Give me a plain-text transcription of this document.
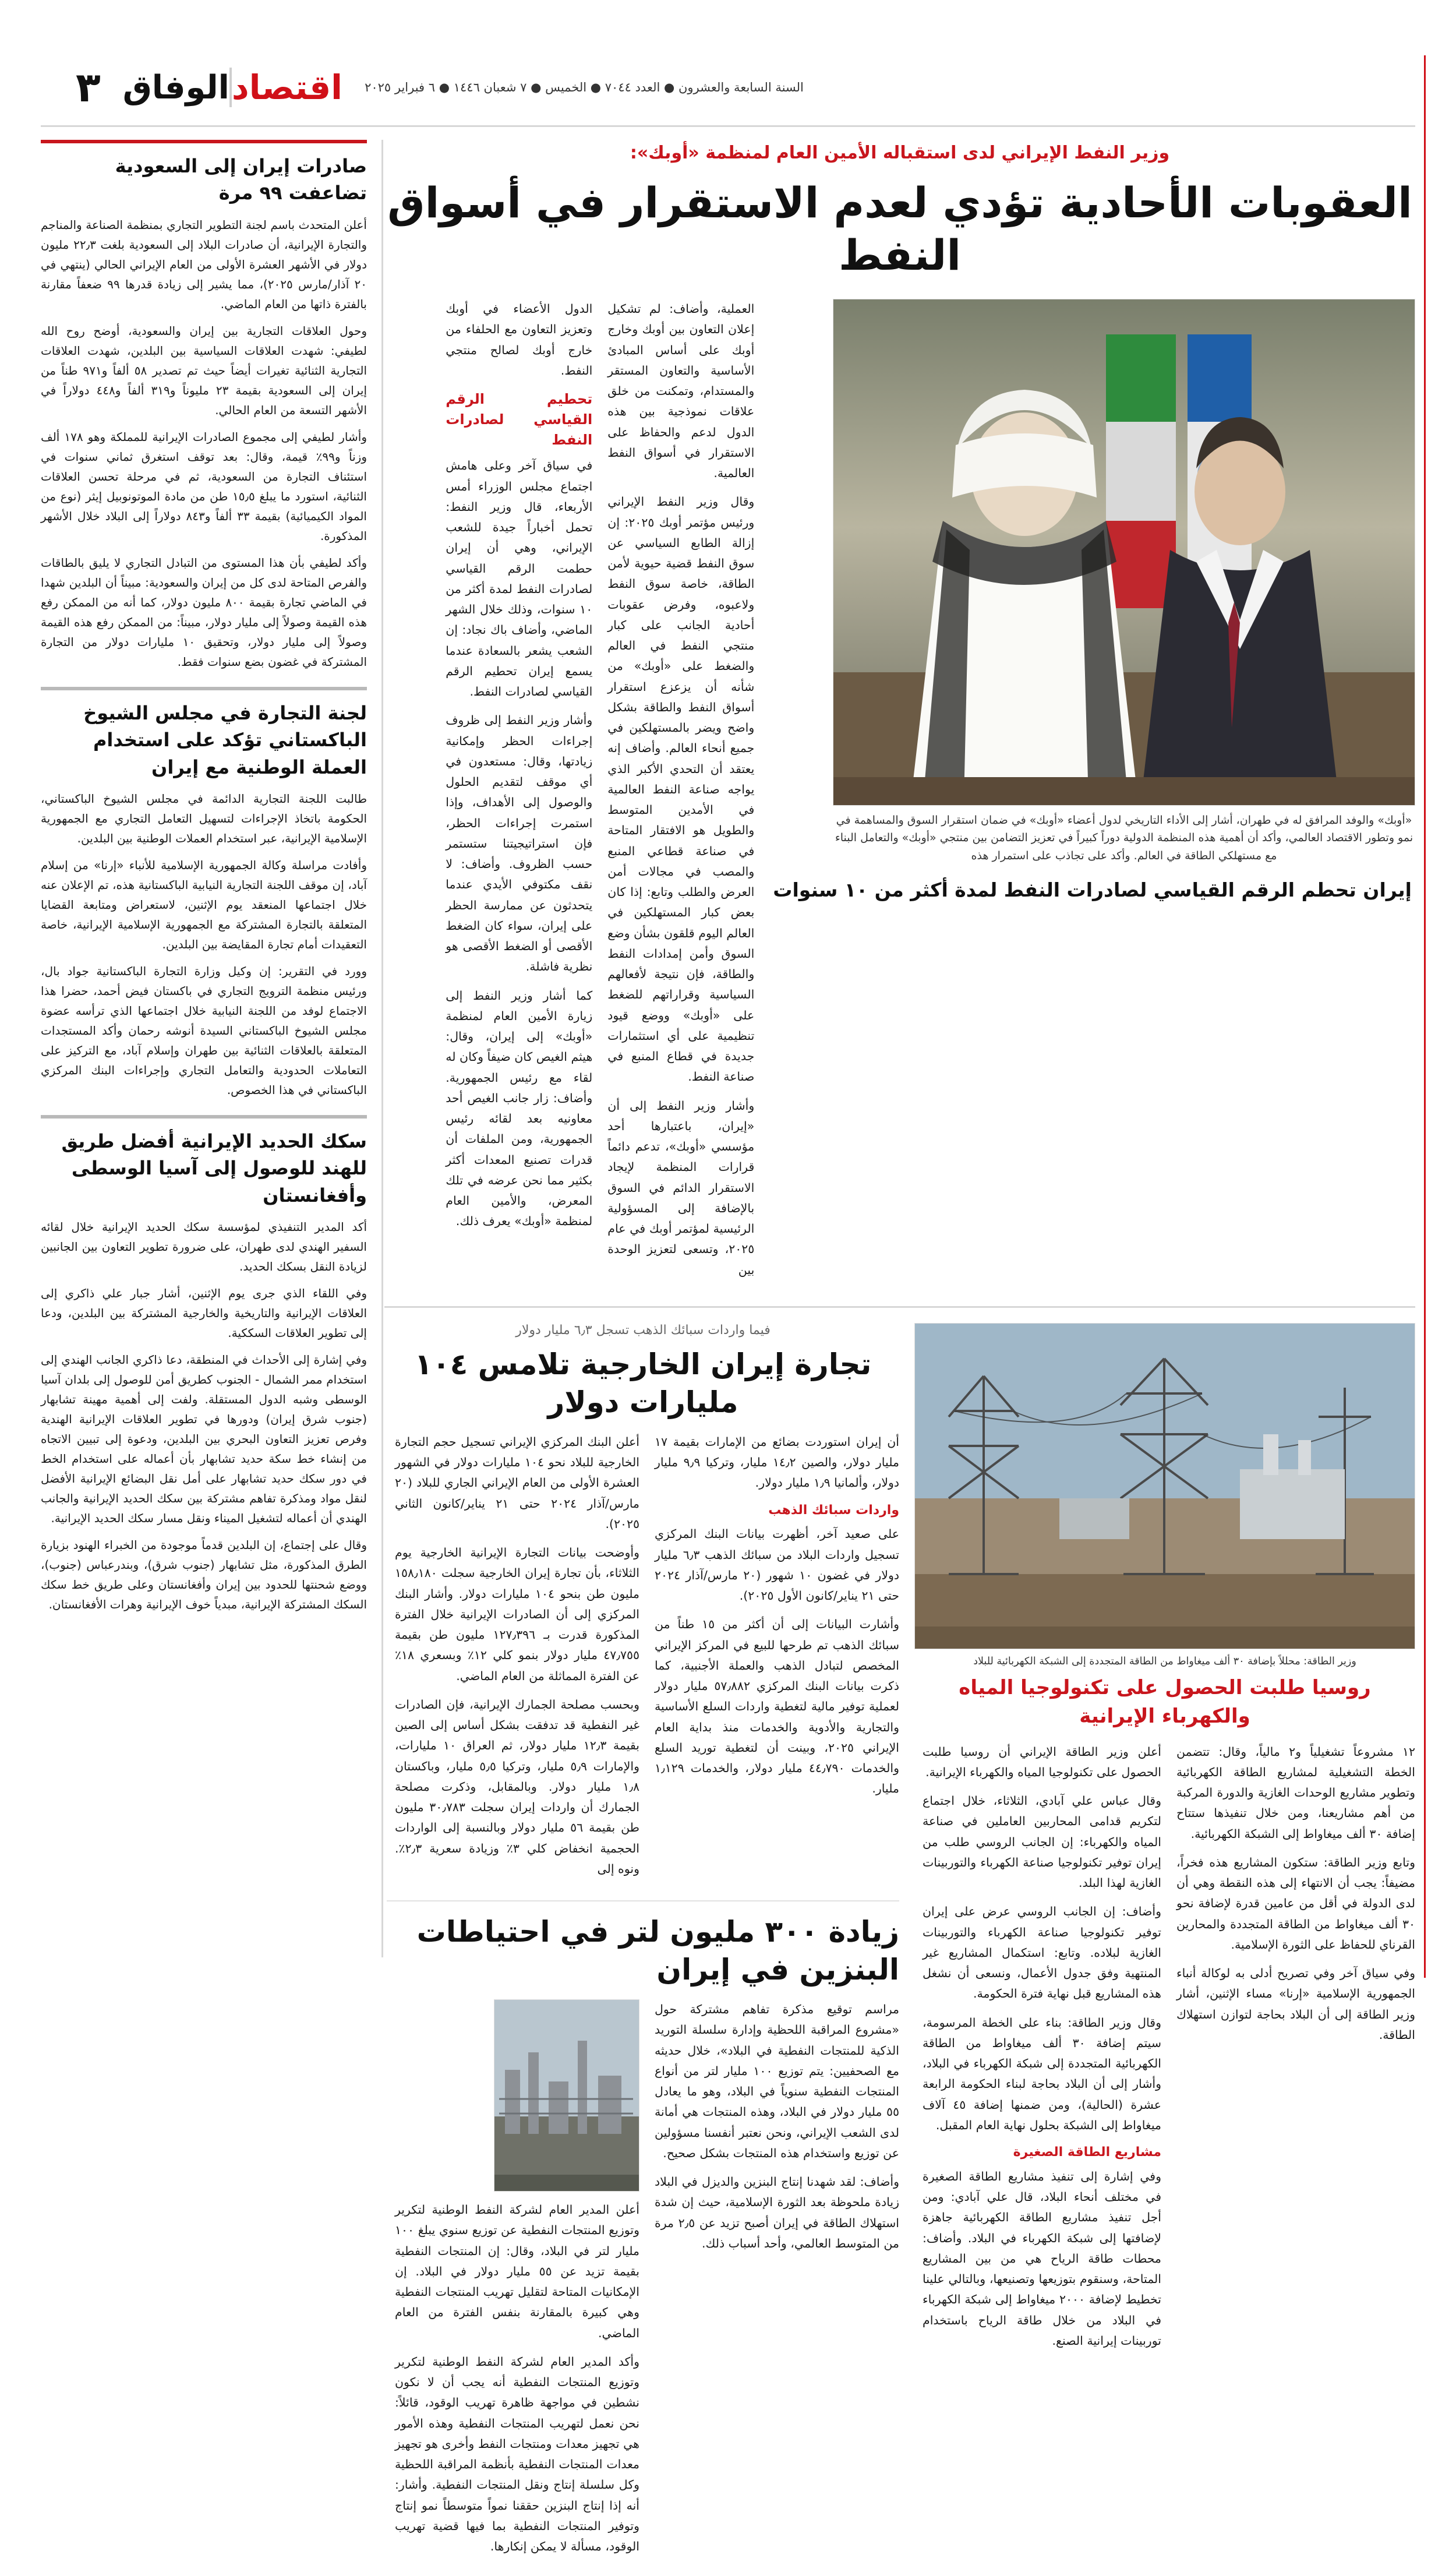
السنة السابعة والعشرون ● العدد ٧٠٤٤ ● الخميس ● ٧ شعبان ١٤٤٦ ● ٦ فبراير ٢٠٢٥
اقتصاد
الوفاق
٣
وزير النفط الإيراني لدى استقباله الأمين العام لمنظمة «أوبك»:
العقوبات الأحادية تؤدي لعدم الاستقرار في أسواق النفط
«أوبك» والوفد المرافق له في طهران، أشار إلى الأداء التاريخي لدول أعضاء «أوبك» في ضمان استقرار السوق والمساهمة في نمو وتطور الاقتصاد العالمي، وأكد أن أهمية هذه المنظمة الدولية دوراً كبيراً في تعزيز التضامن بين منتجي «أوبك» والتعامل البناء مع مستهلكي الطاقة في العالم. وأكد على تجاذب على استمرار هذه
إيران تحطم الرقم القياسي لصادرات النفط لمدة أكثر من ١٠ سنوات

العملية، وأضاف: لم تشكيل إعلان التعاون بين أوبك وخارج أوبك على أساس المبادئ الأساسية والتعاون المستقر والمستدام، وتمكنت من خلق علاقات نموذجية بين هذه الدول لدعم والحفاظ على الاستقرار في أسواق النفط العالمية.

وقال وزير النفط الإيراني ورئيس مؤتمر أوبك ٢٠٢٥: إن إزالة الطابع السياسي عن سوق النفط قضية حيوية لأمن الطاقة، خاصة سوق النفط ولاعبوه، وفرض عقوبات أحادية الجانب على كبار منتجي النفط في العالم والضغط على «أوبك» من شأنه أن يزعزع استقرار أسواق النفط والطاقة بشكل واضح ويضر بالمستهلكين في جميع أنحاء العالم. وأضاف إنه يعتقد أن التحدي الأكبر الذي يواجه صناعة النفط العالمية في الأمدين المتوسط والطويل هو الافتقار المتاحة في صناعة قطاعي المنبع والمصب في مجالات أمن العرض والطلب وتابع: إذا كان بعض كبار المستهلكين في العالم اليوم قلقون بشأن وضع السوق وأمن إمدادات النفط والطاقة، فإن نتيجة لأفعالهم السياسية وقراراتهم للضغط على «أوبك» ووضع قيود تنظيمية على أي استثمارات جديدة في قطاع المنبع في صناعة النفط.

وأشار وزير النفط إلى أن «إيران، باعتبارها أحد مؤسسي «أوبك»، تدعم دائماً قرارات المنظمة لإيجاد الاستقرار الدائم في السوق بالإضافة إلى المسؤولية الرئيسية لمؤتمر أوبك في عام ٢٠٢٥، وتسعى لتعزيز الوحدة بين

الدول الأعضاء في أوبك وتعزيز التعاون مع الحلفاء من خارج أوبك لصالح منتجي النفط.

تحطيم الرقم القياسي لصادرات النفط

في سياق آخر وعلى هامش اجتماع مجلس الوزراء أمس الأربعاء، قال وزير النفط: تحمل أخباراً جيدة للشعب الإيراني، وهي أن إيران حطمت الرقم القياسي لصادرات النفط لمدة أكثر من ١٠ سنوات، وذلك خلال الشهر الماضي، وأضاف باك نجاد: إن الشعب يشعر بالسعادة عندما يسمع إيران تحطيم الرقم القياسي لصادرات النفط.

وأشار وزير النفط إلى ظروف إجراءات الحظر وإمكانية زيادتها، وقال: مستعدون في أي موقف لتقديم الحلول والوصول إلى الأهداف، وإذا استمرت إجراءات الحظر، فإن استراتيجيتنا ستستمر حسب الظروف. وأضاف: لا نقف مكتوفي الأيدي عندما يتحدثون عن ممارسة الحظر على إيران، سواء كان الضغط الأقصى أو الضغط الأقصى هو نظرية فاشلة.

كما أشار وزير النفط إلى زيارة الأمين العام لمنظمة «أوبك» إلى إيران، وقال: هيثم الغيص كان ضيفاً وكان له لقاء مع رئيس الجمهورية. وأضاف: زار جانب الغيص أحد معاونيه بعد لقائه رئيس الجمهورية، ومن الملفات أن قدرات تصنيع المعدات أكثر بكثير مما نحن عرضه في تلك المعرض، والأمين العام لمنظمة «أوبك» يعرف ذلك.

وزير الطاقة: محللاً بإضافة ٣٠ ألف ميغاواط من الطاقة المتجددة إلى الشبكة الكهربائية للبلاد
روسيا طلبت الحصول على تكنولوجيا المياه والكهرباء الإيرانية

١٢ مشروعاً تشغيلياً و٢ مالياً، وقال: تتضمن الخطة التشغيلية لمشاريع الطاقة الكهربائية وتطوير مشاريع الوحدات الغازية والدورة المركبة من أهم مشاريعنا، ومن خلال تنفيذها ستتاح إضافة ٣٠ ألف ميغاواط إلى الشبكة الكهربائية.

وتابع وزير الطاقة: ستكون المشاريع هذه فخراً، مضيفاً: يجب أن الانتهاء إلى هذه النقطة وهي أن لدى الدولة في أقل من عامين قدرة لإضافة نحو ٣٠ ألف ميغاواط من الطاقة المتجددة والمحارين القرناي للحفاظ على الثورة الإسلامية.

وفي سياق آخر وفي تصريح أدلى به لوكالة أنباء الجمهورية الإسلامية «إرنا» مساء الإثنين، أشار وزير الطاقة إلى أن البلاد بحاجة لتوازن استهلاك الطاقة.

أعلن وزير الطاقة الإيراني أن روسيا طلبت الحصول على تكنولوجيا المياه والكهرباء الإيرانية.

وقال عباس علي آبادي، الثلاثاء، خلال اجتماع لتكريم قدامى المحاربين العاملين في صناعة المياه والكهرباء: إن الجانب الروسي طلب من إيران توفير تكنولوجيا صناعة الكهرباء والتوربينات الغازية لهذا البلد.

وأضاف: إن الجانب الروسي عرض على إيران توفير تكنولوجيا صناعة الكهرباء والتوربينات الغازية لبلاده. وتابع: استكمال المشاريع غير المنتهية وفق جدول الأعمال، ونسعى أن نشغل هذه المشاريع قبل نهاية فترة الحكومة.

وقال وزير الطاقة: بناء على الخطة المرسومة، سيتم إضافة ٣٠ ألف ميغاواط من الطاقة الكهربائية المتجددة إلى شبكة الكهرباء في البلاد، وأشار إلى أن البلاد بحاجة لبناء الحكومة الرابعة عشرة (الحالية)، ومن ضمنها إضافة ٤٥ آلاف ميغاواط إلى الشبكة بحلول نهاية العام المقبل.

مشاريع الطاقة الصغيرة

وفي إشارة إلى تنفيذ مشاريع الطاقة الصغيرة في مختلف أنحاء البلاد، قال علي آبادي: ومن أجل تنفيذ مشاريع الطاقة الكهربائية جاهزة لإضافتها إلى شبكة الكهرباء في البلاد. وأضاف: محطات طاقة الرياح هي من بين المشاريع المتاحة، وسنقوم بتوزيعها وتصنيعها، وبالتالي علينا تخطيط لإضافة ٢٠٠٠ ميغاواط إلى شبكة الكهرباء في البلاد من خلال طاقة الرياح باستخدام توربينات إيرانية الصنع.

فيما واردات سبائك الذهب تسجل ٦٫٣ مليار دولار
تجارة إيران الخارجية تلامس ١٠٤ مليارات دولار

أن إيران استوردت بضائع من الإمارات بقيمة ١٧ مليار دولار، والصين ١٤٫٢ مليار، وتركيا ٩٫٩ مليار دولار، وألمانيا ١٫٩ مليار دولار.

واردات سبائك الذهب

على صعيد آخر، أظهرت بيانات البنك المركزي تسجيل واردات البلاد من سبائك الذهب ٦٫٣ مليار دولار في غضون ١٠ شهور (٢٠ مارس/آذار ٢٠٢٤ حتى ٢١ يناير/كانون الأول ٢٠٢٥).

وأشارت البيانات إلى أن أكثر من ١٥ طناً من سبائك الذهب تم طرحها للبيع في المركز الإيراني المخصص لتبادل الذهب والعملة الأجنبية، كما ذكرت بيانات البنك المركزي ٥٧٫٨٨٢ مليار دولار لعملية توفير مالية لتغطية واردات السلع الأساسية والتجارية والأدوية والخدمات منذ بداية العام الإيراني ٢٠٢٥، وبينت أن لتغطية توريد السلع والخدمات ٤٤٫٧٩٠ مليار دولار، والخدمات ١٫١٢٩ مليار.

أعلن البنك المركزي الإيراني تسجيل حجم التجارة الخارجية للبلاد نحو ١٠٤ مليارات دولار في الشهور العشرة الأولى من العام الإيراني الجاري للبلاد (٢٠ مارس/آذار ٢٠٢٤ حتى ٢١ يناير/كانون الثاني ٢٠٢٥).

وأوضحت بيانات التجارة الإيرانية الخارجية يوم الثلاثاء، بأن تجارة إيران الخارجية سجلت ١٥٨٫١٨٠ مليون طن بنحو ١٠٤ مليارات دولار. وأشار البنك المركزي إلى أن الصادرات الإيرانية خلال الفترة المذكورة قدرت بـ ١٢٧٫٣٩٦ مليون طن بقيمة ٤٧٫٧٥٥ مليار دولار بنمو كلي ١٢٪ وبسعري ١٨٪ عن الفترة المماثلة من العام الماضي.

وبحسب مصلحة الجمارك الإيرانية، فإن الصادرات غير النفطية قد تدفقت بشكل أساس إلى الصين بقيمة ١٢٫٣ مليار دولار، ثم العراق ١٠ مليارات، والإمارات ٥٫٩ مليار، وتركيا ٥٫٥ مليار، وباكستان ١٫٨ مليار دولار. وبالمقابل، وذكرت مصلحة الجمارك أن واردات إيران سجلت ٣٠٫٧٨٣ مليون طن بقيمة ٥٦ مليار دولار وبالنسبة إلى الواردات الحجمية انخفاض كلي ٣٪ وزيادة سعرية ٢٫٣٪. ونوه إلى

زيادة ٣٠٠ مليون لتر في احتياطات البنزين في إيران

مراسم توقيع مذكرة تفاهم مشتركة حول «مشروع المراقبة اللحظية وإدارة سلسلة التوريد الذكية للمنتجات النفطية في البلاد»، خلال حديثه مع الصحفيين: يتم توزيع ١٠٠ مليار لتر من أنواع المنتجات النفطية سنوياً في البلاد، وهو ما يعادل ٥٥ مليار دولار في البلاد، وهذه المنتجات هي أمانة لدى الشعب الإيراني، ونحن نعتبر أنفسنا مسؤولين عن توزيع واستخدام هذه المنتجات بشكل صحيح.

وأضاف: لقد شهدنا إنتاج البنزين والديزل في البلاد زيادة ملحوظة بعد الثورة الإسلامية، حيث إن شدة استهلاك الطاقة في إيران أصبح تزيد عن ٢٫٥ مرة من المتوسط العالمي، وأحد أسباب ذلك.

أعلن المدير العام لشركة النفط الوطنية لتكرير وتوزيع المنتجات النفطية عن توزيع سنوي يبلغ ١٠٠ مليار لتر في البلاد، وقال: إن المنتجات النفطية بقيمة تزيد عن ٥٥ مليار دولار في البلاد. إن الإمكانيات المتاحة لتقليل تهريب المنتجات النفطية وهي كبيرة بالمقارنة بنفس الفترة من العام الماضي.

وأكد المدير العام لشركة النفط الوطنية لتكرير وتوزيع المنتجات النفطية أنه يجب أن لا نكون نشطين في مواجهة ظاهرة تهريب الوقود، قائلاً: نحن نعمل لتهريب المنتجات النفطية وهذه الأمور هي تجهيز معدات ومنتجات النفط وأخرى هو تجهيز معدات المنتجات النفطية بأنظمة المراقبة اللحظية وكل سلسلة إنتاج ونقل المنتجات النفطية. وأشار: أنه إذا إنتاج البنزين حققنا نمواً متوسطاً نمو إنتاج وتوفير المنتجات النفطية بما فيها قضية تهريب الوقود، مسألة لا يمكن إنكارها.

صادرات إيران إلى السعودية تضاعفت ٩٩ مرة

أعلن المتحدث باسم لجنة التطوير التجاري بمنظمة الصناعة والمناجم والتجارة الإيرانية، أن صادرات البلاد إلى السعودية بلغت ٢٢٫٣ مليون دولار في الأشهر العشرة الأولى من العام الإيراني الحالي (ينتهي في ٢٠ آذار/مارس ٢٠٢٥)، مما يشير إلى زيادة قدرها ٩٩ ضعفاً مقارنة بالفترة ذاتها من العام الماضي.

وحول العلاقات التجارية بين إيران والسعودية، أوضح روح الله لطيفي: شهدت العلاقات السياسية بين البلدين، شهدت العلاقات التجارية الثنائية تغيرات أيضاً حيث تم تصدير ٥٨ ألفاً و٩٧١ طناً من إيران إلى السعودية بقيمة ٢٣ مليوناً و٣١٩ ألفاً و٤٤٨ دولاراً في الأشهر التسعة من العام الحالي.

وأشار لطيفي إلى مجموع الصادرات الإيرانية للمملكة وهو ١٧٨ ألف وزناً و٩٩٪ قيمة، وقال: بعد توقف استغرق ثماني سنوات في استئناف التجارة من السعودية، ثم في مرحلة تحسن العلاقات الثنائية، استورد ما يبلغ ١٥٫٥ طن من مادة الموتونوبيل إيثر (نوع من المواد الكيميائية) بقيمة ٣٣ ألفاً و٨٤٣ دولاراً إلى البلاد خلال الأشهر المذكورة.

وأكد لطيفي بأن هذا المستوى من التبادل التجاري لا يليق بالطاقات والفرص المتاحة لدى كل من إيران والسعودية: مبيناً أن البلدين شهدا في الماضي تجارة بقيمة ٨٠٠ مليون دولار، كما أنه من الممكن رفع هذه القيمة وصولاً إلى مليار دولار، مبيناً: من الممكن رفع هذه القيمة وصولاً إلى مليار دولار، وتحقيق ١٠ مليارات دولار من التجارة المشتركة في غضون بضع سنوات فقط.

لجنة التجارة في مجلس الشيوخ الباكستاني تؤكد على استخدام العملة الوطنية مع إيران

طالبت اللجنة التجارية الدائمة في مجلس الشيوخ الباكستاني، الحكومة باتخاذ الإجراءات لتسهيل التعامل التجاري مع الجمهورية الإسلامية الإيرانية، عبر استخدام العملات الوطنية بين البلدين.

وأفادت مراسلة وكالة الجمهورية الإسلامية للأنباء «إرنا» من إسلام آباد، إن موقف اللجنة التجارية النيابية الباكستانية هذه، تم الإعلان عنه خلال اجتماعها المنعقد يوم الإثنين، لاستعراض ومتابعة القضايا المتعلقة بالتجارة المشتركة مع الجمهورية الإسلامية الإيرانية، خاصة التعقيدات أمام تجارة المقايضة بين البلدين.

وورد في التقرير: إن وكيل وزارة التجارة الباكستانية جواد بال، ورئيس منظمة الترويج التجاري في باكستان فيض أحمد، حضرا هذا الاجتماع لوفد من اللجنة النيابية خلال اجتماعها الذي ترأسه عضوة مجلس الشيوخ الباكستاني السيدة أنوشه رحمان وأكد المستجدات المتعلقة بالعلاقات الثنائية بين طهران وإسلام آباد، مع التركيز على التعاملات الحدودية والتعامل التجاري وإجراءات البنك المركزي الباكستاني في هذا الخصوص.

سكك الحديد الإيرانية أفضل طريق للهند للوصول إلى آسيا الوسطى وأفغانستان

أكد المدير التنفيذي لمؤسسة سكك الحديد الإيرانية خلال لقائه السفير الهندي لدى طهران، على ضرورة تطوير التعاون بين الجانبين لزيادة النقل بسكك الحديد.

وفي اللقاء الذي جرى يوم الإثنين، أشار جبار علي ذاكري إلى العلاقات الإيرانية والتاريخية والخارجية المشتركة بين البلدين، ودعا إلى تطوير العلاقات السككية.

وفي إشارة إلى الأحداث في المنطقة، دعا ذاكري الجانب الهندي إلى استخدام ممر الشمال - الجنوب كطريق أمن للوصول إلى بلدان آسيا الوسطى وشبه الدول المستقلة. ولفت إلى أهمية مهينة تشابهار (جنوب شرق إيران) ودورها في تطوير العلاقات الإيرانية الهندية وفرص تعزيز التعاون البحري بين البلدين، ودعوة إلى تبيين الاتجاه من إنشاء خط سكة حديد تشابهار بأن أعماله على استخدام الخط في دور سكك حديد تشابهار على أمل نقل البضائع الإيرانية الأفضل لنقل مواد ومذكرة تفاهم مشتركة بين سكك الحديد الإيرانية والجانب الهندي أن أعماله لتشغيل الميناء ونقل مسار سكك الحديد الإيرانية.

وقال على إجتماع، إن البلدين قدماً موجودة من الخبراء الهنود بزيارة الطرق المذكورة، مثل تشابهار (جنوب شرق)، وبندرعباس (جنوب)، ووضع شحنتها للحدود بين إيران وأفغانستان وعلى طريق خط سكك السكك المشتركة الإيرانية، مبدياً خوف الإيرانية وهرات الأفغانستان.
